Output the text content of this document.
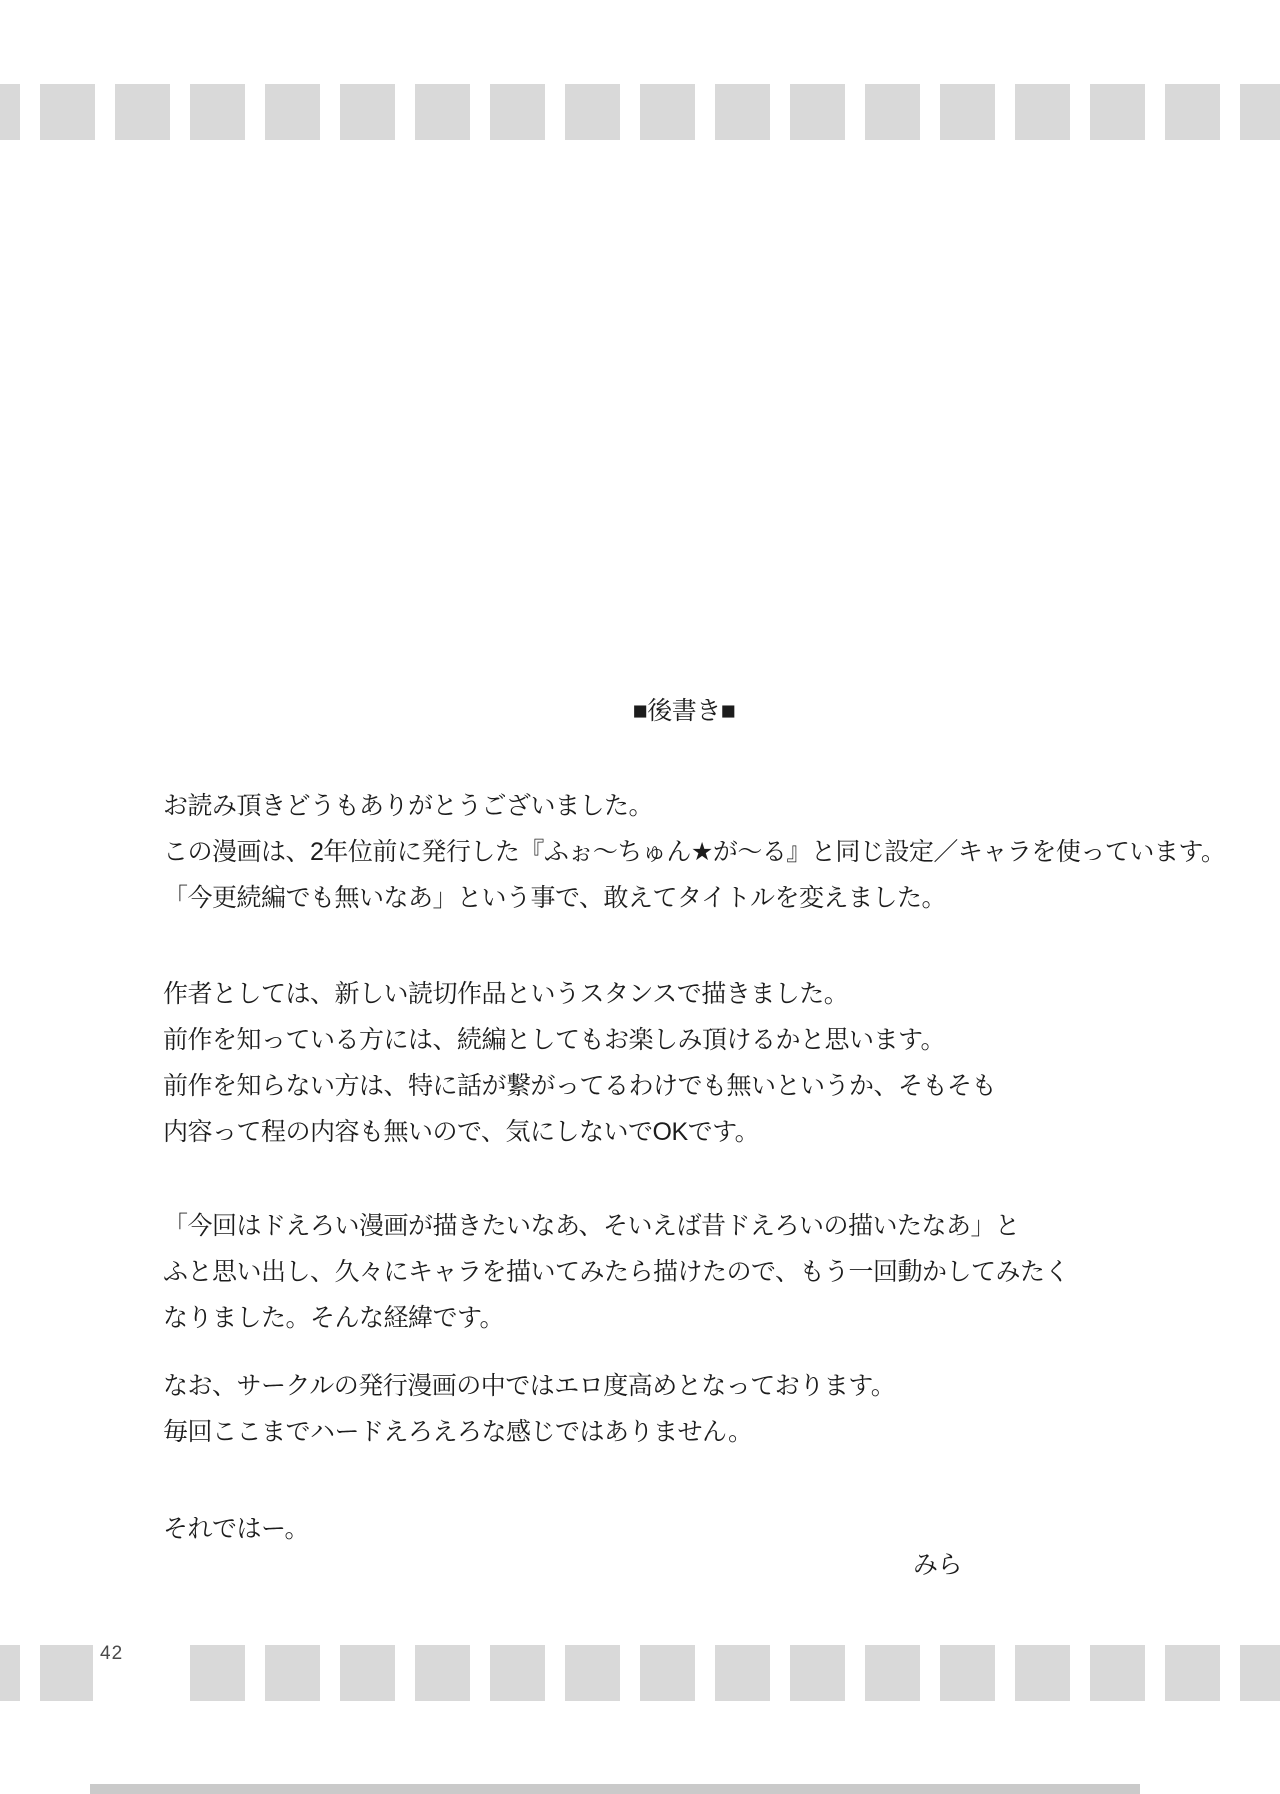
■後書き■
お読み頂きどうもありがとうございました。
この漫画は、2年位前に発行した『ふぉ〜ちゅん★が〜る』と同じ設定／キャラを使っています。
「今更続編でも無いなあ」という事で、敢えてタイトルを変えました。
作者としては、新しい読切作品というスタンスで描きました。
前作を知っている方には、続編としてもお楽しみ頂けるかと思います。
前作を知らない方は、特に話が繋がってるわけでも無いというか、そもそも
内容って程の内容も無いので、気にしないでOKです。
「今回はドえろい漫画が描きたいなあ、そいえば昔ドえろいの描いたなあ」と
ふと思い出し、久々にキャラを描いてみたら描けたので、もう一回動かしてみたく
なりました。そんな経緯です。
なお、サークルの発行漫画の中ではエロ度高めとなっております。
毎回ここまでハードえろえろな感じではありません。
それではー。
みら
42
